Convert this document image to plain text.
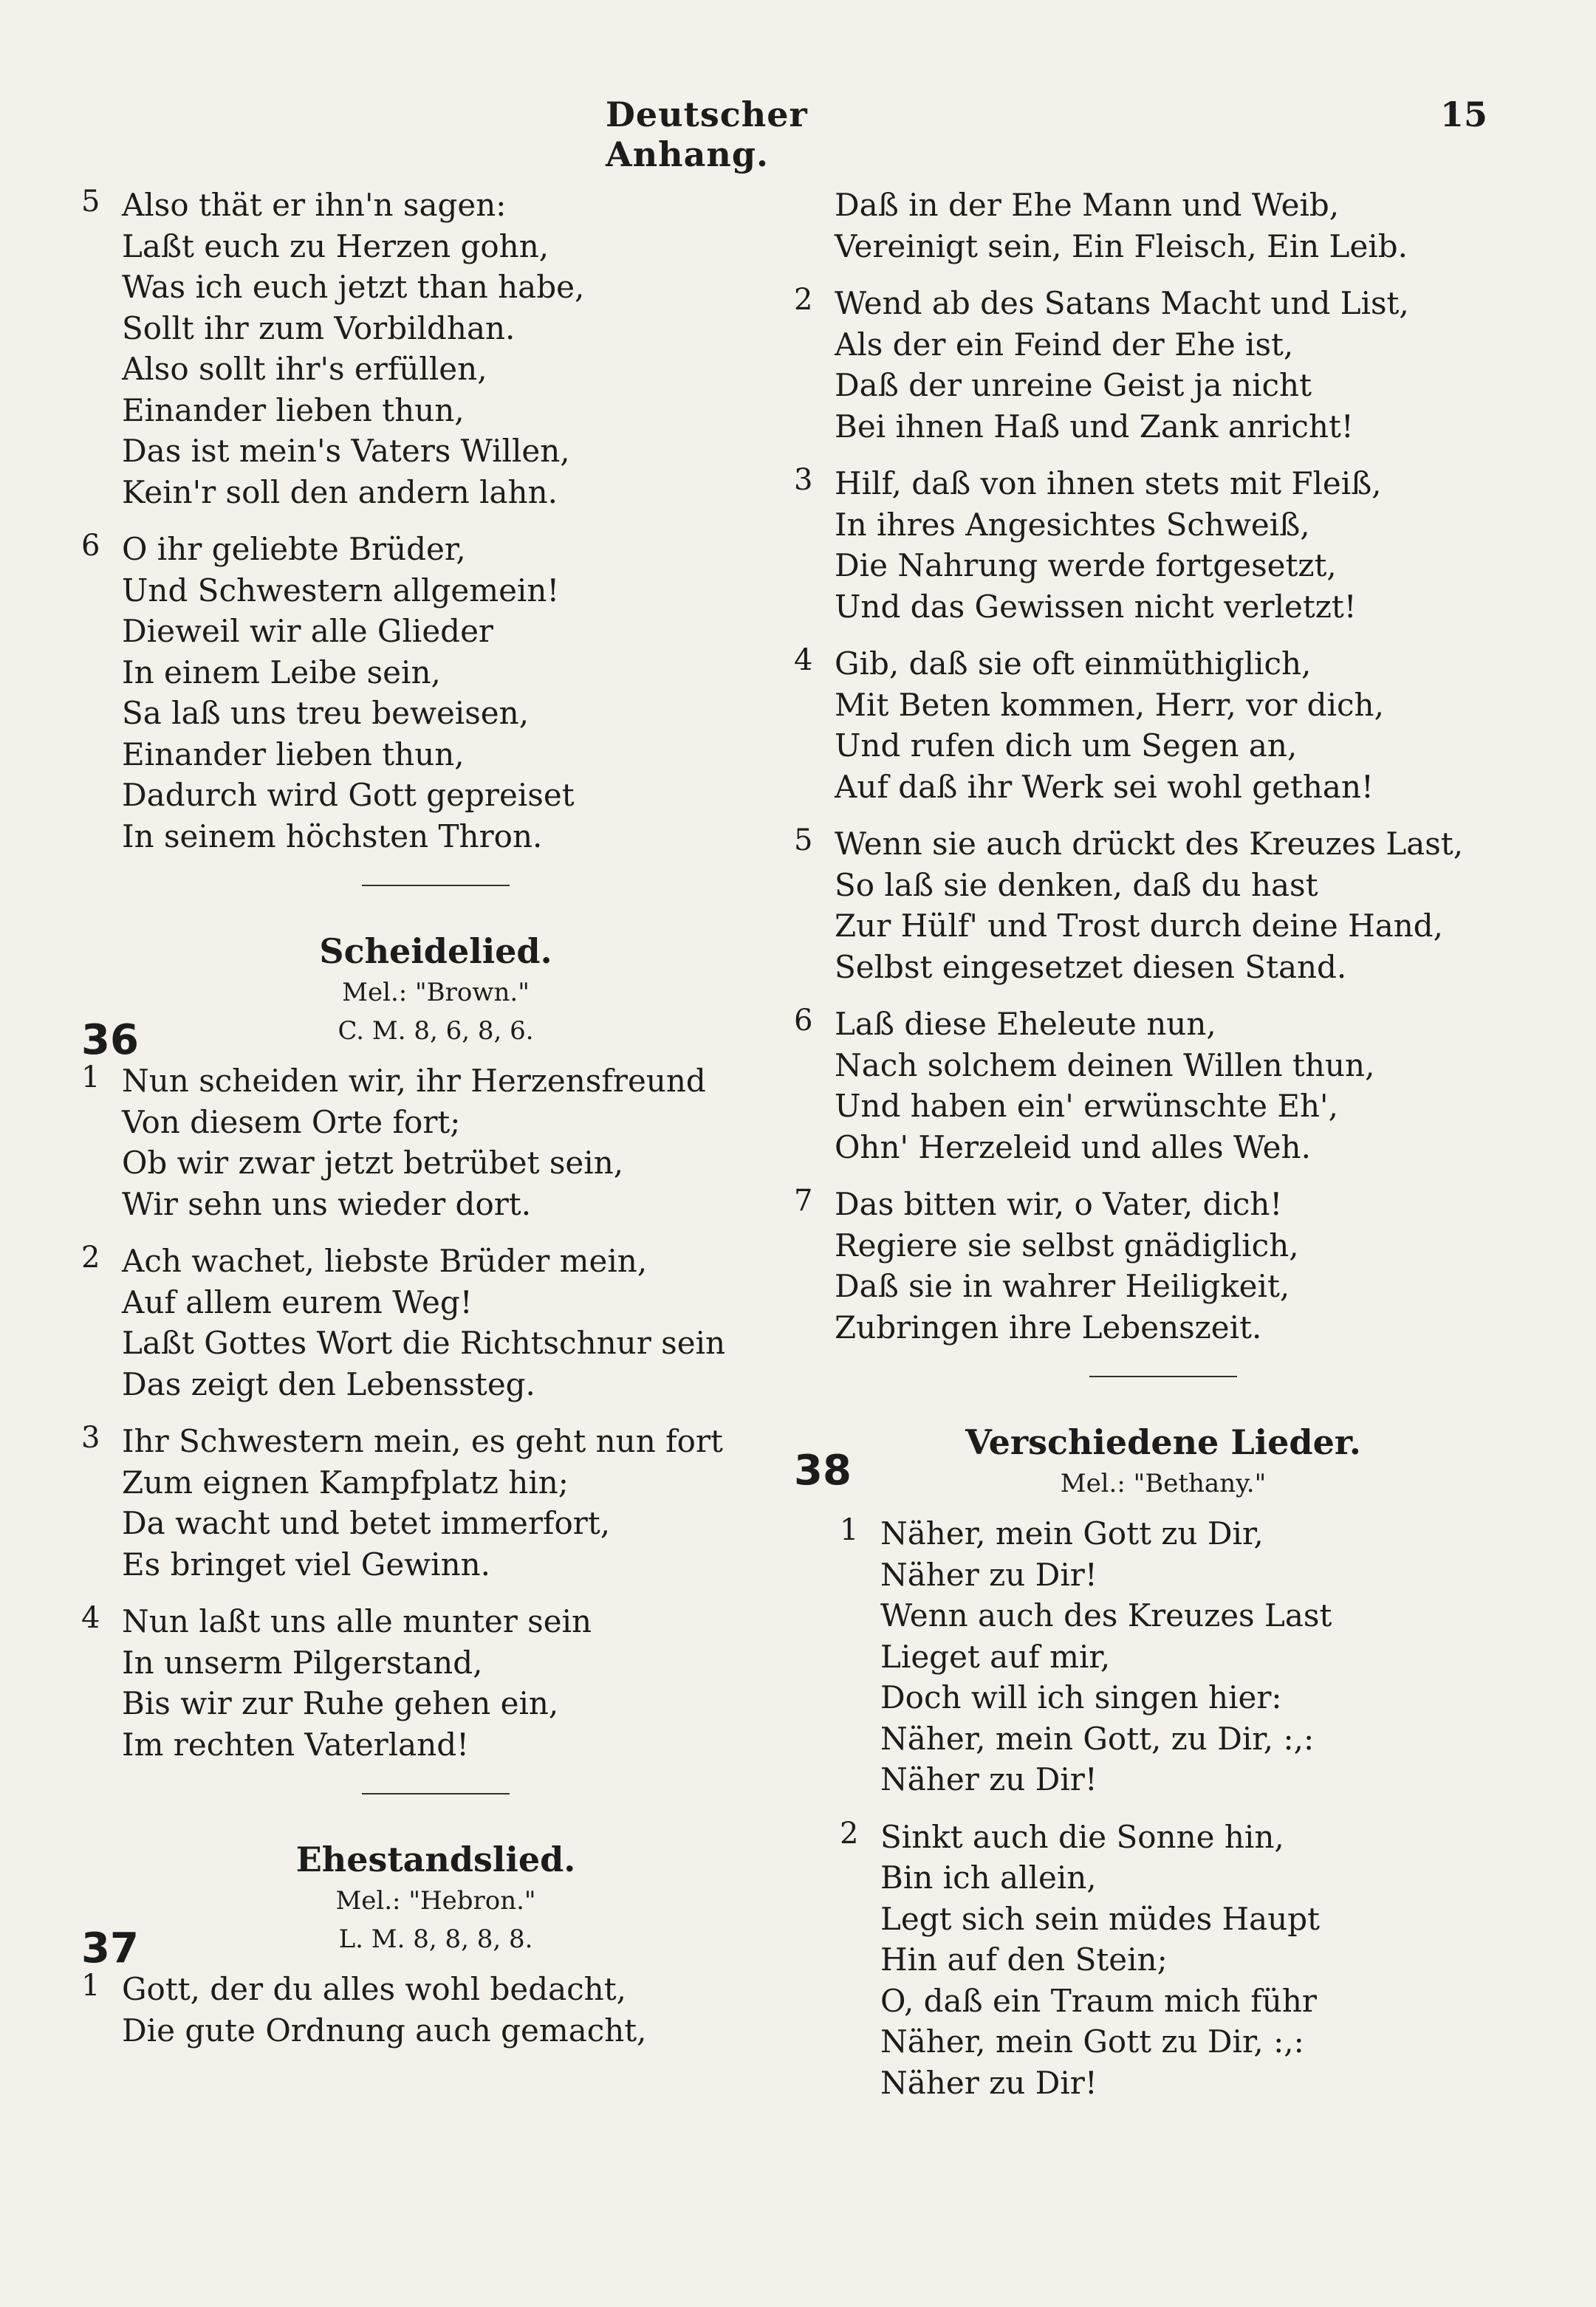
Deutscher Anhang.
15
5 Also thät er ihn'n sagen:
Laßt euch zu Herzen gohn,
Was ich euch jetzt than habe,
Sollt ihr zum Vorbildhan.
Also sollt ihr's erfüllen,
Einander lieben thun,
Das ist mein's Vaters Willen,
Kein'r soll den andern lahn.
6 O ihr geliebte Brüder,
Und Schwestern allgemein!
Dieweil wir alle Glieder
In einem Leibe sein,
Sa laß uns treu beweisen,
Einander lieben thun,
Dadurch wird Gott gepreiset
In seinem höchsten Thron.
Scheidelied.
Mel.: "Brown."
36	C. M. 8, 6, 8, 6.
1 Nun scheiden wir, ihr Herzensfreund
Von diesem Orte fort;
Ob wir zwar jetzt betrübet sein,
Wir sehn uns wieder dort.
2 Ach wachet, liebste Brüder mein,
Auf allem eurem Weg!
Laßt Gottes Wort die Richtschnur sein
Das zeigt den Lebenssteg.
3 Ihr Schwestern mein, es geht nun fort
Zum eignen Kampfplatz hin;
Da wacht und betet immerfort,
Es bringet viel Gewinn.
4 Nun laßt uns alle munter sein
In unserm Pilgerstand,
Bis wir zur Ruhe gehen ein,
Im rechten Vaterland!
Ehestandslied.
Mel.: "Hebron."
37	L. M. 8, 8, 8, 8.
1 Gott, der du alles wohl bedacht,
Die gute Ordnung auch gemacht,
Daß in der Ehe Mann und Weib,
Vereinigt sein, Ein Fleisch, Ein Leib.
2 Wend ab des Satans Macht und List,
Als der ein Feind der Ehe ist,
Daß der unreine Geist ja nicht
Bei ihnen Haß und Zank anricht!
3 Hilf, daß von ihnen stets mit Fleiß,
In ihres Angesichtes Schweiß,
Die Nahrung werde fortgesetzt,
Und das Gewissen nicht verletzt!
4 Gib, daß sie oft einmüthiglich,
Mit Beten kommen, Herr, vor dich,
Und rufen dich um Segen an,
Auf daß ihr Werk sei wohl gethan!
5 Wenn sie auch drückt des Kreuzes Last,
So laß sie denken, daß du hast
Zur Hülf' und Trost durch deine Hand,
Selbst eingesetzet diesen Stand.
6 Laß diese Eheleute nun,
Nach solchem deinen Willen thun,
Und haben ein' erwünschte Eh',
Ohn' Herzeleid und alles Weh.
7 Das bitten wir, o Vater, dich!
Regiere sie selbst gnädiglich,
Daß sie in wahrer Heiligkeit,
Zubringen ihre Lebenszeit.
Verschiedene Lieder.
Mel.: "Bethany."
38
1 Näher, mein Gott zu Dir,
Näher zu Dir!
Wenn auch des Kreuzes Last
Lieget auf mir,
Doch will ich singen hier:
Näher, mein Gott, zu Dir, :,:
Näher zu Dir!
2 Sinkt auch die Sonne hin,
Bin ich allein,
Legt sich sein müdes Haupt
Hin auf den Stein;
O, daß ein Traum mich führ
Näher, mein Gott zu Dir, :,:
Näher zu Dir!
